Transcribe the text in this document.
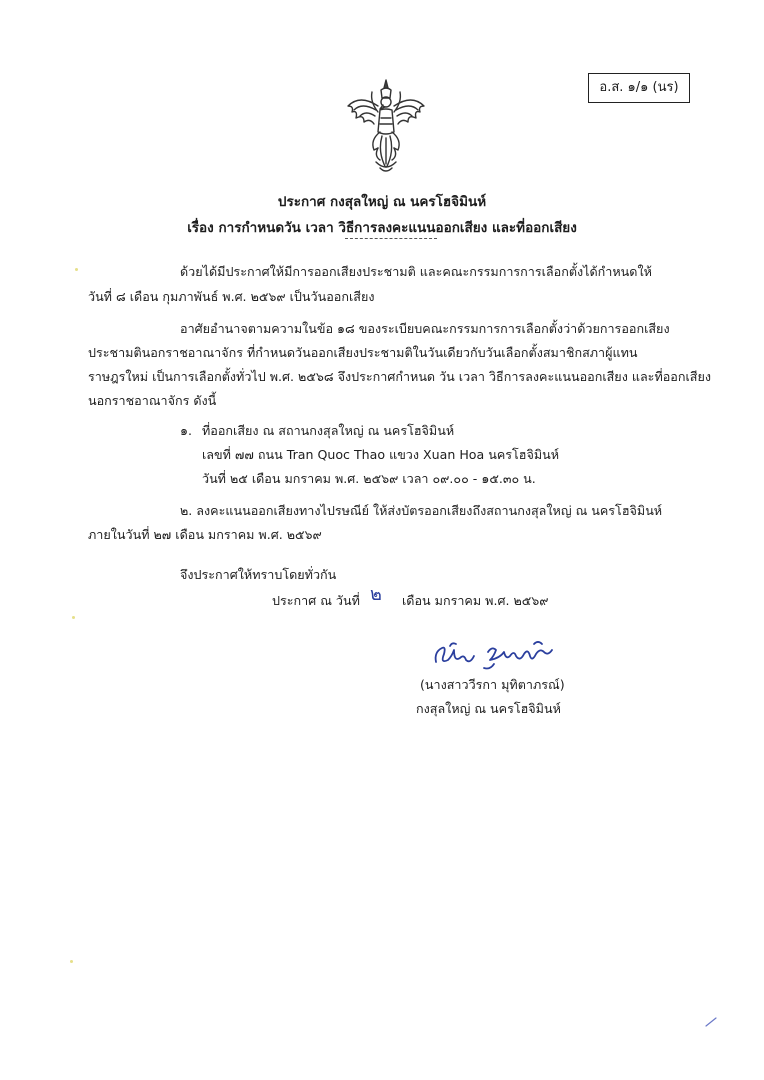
อ.ส. ๑/๑ (นร)
ประกาศ กงสุลใหญ่ ณ นครโฮจิมินห์
เรื่อง การกำหนดวัน เวลา วิธีการลงคะแนนออกเสียง และที่ออกเสียง
ด้วยได้มีประกาศให้มีการออกเสียงประชามติ และคณะกรรมการการเลือกตั้งได้กำหนดให้
วันที่ ๘ เดือน กุมภาพันธ์ พ.ศ. ๒๕๖๙ เป็นวันออกเสียง
อาศัยอำนาจตามความในข้อ ๑๘ ของระเบียบคณะกรรมการการเลือกตั้งว่าด้วยการออกเสียง
ประชามตินอกราชอาณาจักร ที่กำหนดวันออกเสียงประชามติในวันเดียวกับวันเลือกตั้งสมาชิกสภาผู้แทน
ราษฎรใหม่ เป็นการเลือกตั้งทั่วไป พ.ศ. ๒๕๖๘ จึงประกาศกำหนด วัน เวลา วิธีการลงคะแนนออกเสียง และที่ออกเสียง
นอกราชอาณาจักร ดังนี้
๑. ที่ออกเสียง ณ สถานกงสุลใหญ่ ณ นครโฮจิมินห์
เลขที่ ๗๗ ถนน Tran Quoc Thao แขวง Xuan Hoa นครโฮจิมินห์
วันที่ ๒๕ เดือน มกราคม พ.ศ. ๒๕๖๙ เวลา ๐๙.๐๐ - ๑๕.๓๐ น.
๒. ลงคะแนนออกเสียงทางไปรษณีย์ ให้ส่งบัตรออกเสียงถึงสถานกงสุลใหญ่ ณ นครโฮจิมินห์
ภายในวันที่ ๒๗ เดือน มกราคม พ.ศ. ๒๕๖๙
จึงประกาศให้ทราบโดยทั่วกัน
ประกาศ ณ วันที่ ๒ เดือน มกราคม พ.ศ. ๒๕๖๙
(นางสาววีรกา มุทิตาภรณ์)
กงสุลใหญ่ ณ นครโฮจิมินห์
